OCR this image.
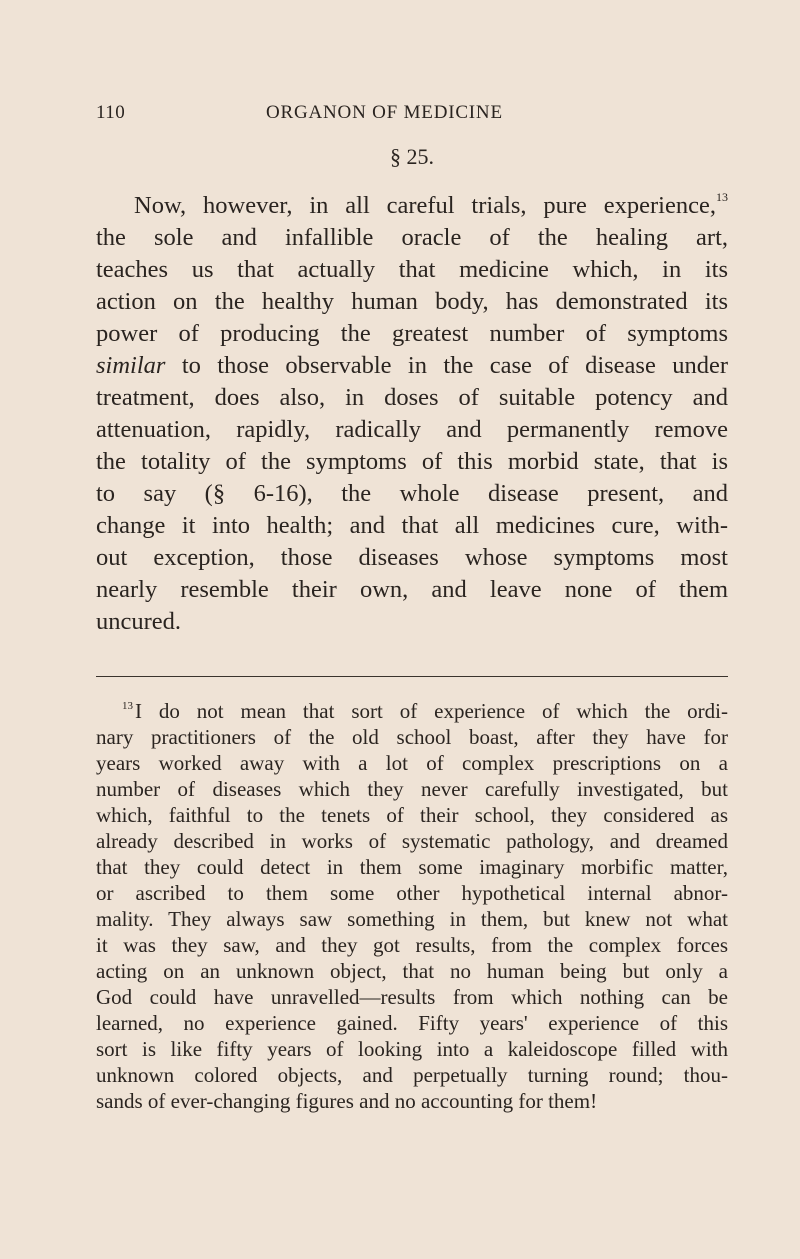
110	ORGANON OF MEDICINE
§ 25.
Now, however, in all careful trials, pure experience,$^{13}$
the sole and infallible oracle of the healing art,
teaches us that actually that medicine which, in its
action on the healthy human body, has demonstrated its
power of producing the greatest number of symptoms
similar to those observable in the case of disease under
treatment, does also, in doses of suitable potency and
attenuation, rapidly, radically and permanently remove
the totality of the symptoms of this morbid state, that is
to say (§ 6-16), the whole disease present, and
change it into health; and that all medicines cure, with-
out exception, those diseases whose symptoms most
nearly resemble their own, and leave none of them
uncured.
$^{13}$I do not mean that sort of experience of which the ordi-
nary practitioners of the old school boast, after they have for
years worked away with a lot of complex prescriptions on a
number of diseases which they never carefully investigated, but
which, faithful to the tenets of their school, they considered as
already described in works of systematic pathology, and dreamed
that they could detect in them some imaginary morbific matter,
or ascribed to them some other hypothetical internal abnor-
mality. They always saw something in them, but knew not what
it was they saw, and they got results, from the complex forces
acting on an unknown object, that no human being but only a
God could have unravelled—results from which nothing can be
learned, no experience gained. Fifty years' experience of this
sort is like fifty years of looking into a kaleidoscope filled with
unknown colored objects, and perpetually turning round; thou-
sands of ever-changing figures and no accounting for them!
